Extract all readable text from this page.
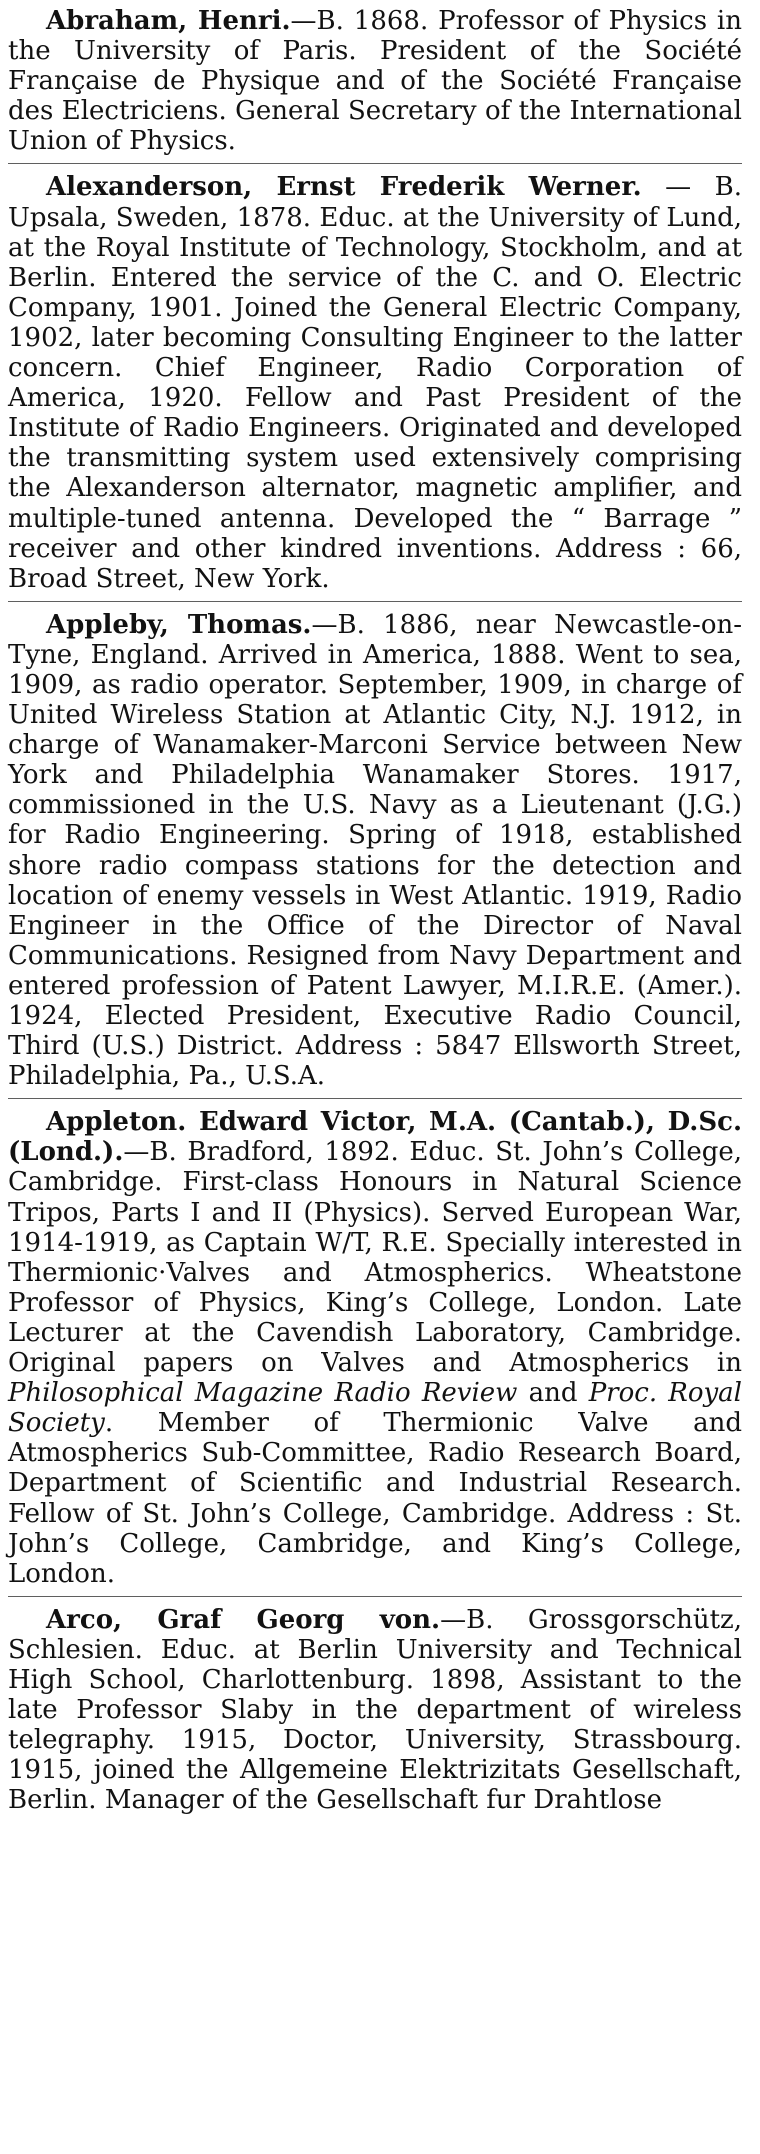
Abraham, Henri.—B. 1868. Professor of Physics in the University of Paris. President of the Société Française de Physique and of the Société Française des Electriciens. General Secretary of the International Union of Physics.

Alexanderson, Ernst Frederik Werner. — B. Upsala, Sweden, 1878. Educ. at the University of Lund, at the Royal Institute of Technology, Stockholm, and at Berlin. Entered the service of the C. and O. Electric Company, 1901. Joined the General Electric Company, 1902, later becoming Consulting Engineer to the latter concern. Chief Engineer, Radio Corporation of America, 1920. Fellow and Past President of the Institute of Radio Engineers. Originated and developed the transmitting system used extensively comprising the Alexanderson alternator, magnetic amplifier, and multiple-tuned antenna. Developed the “ Barrage ” receiver and other kindred inventions. Address : 66, Broad Street, New York.

Appleby, Thomas.—B. 1886, near Newcastle-on-Tyne, England. Arrived in America, 1888. Went to sea, 1909, as radio operator. September, 1909, in charge of United Wireless Station at Atlantic City, N.J. 1912, in charge of Wanamaker-Marconi Service between New York and Philadelphia Wanamaker Stores. 1917, commissioned in the U.S. Navy as a Lieutenant (J.G.) for Radio Engineering. Spring of 1918, established shore radio compass stations for the detection and location of enemy vessels in West Atlantic. 1919, Radio Engineer in the Office of the Director of Naval Communications. Resigned from Navy Department and entered profession of Patent Lawyer, M.I.R.E. (Amer.). 1924, Elected President, Executive Radio Council, Third (U.S.) District. Address : 5847 Ellsworth Street, Philadelphia, Pa., U.S.A.

Appleton. Edward Victor, M.A. (Cantab.), D.Sc. (Lond.).—B. Bradford, 1892. Educ. St. John’s College, Cambridge. First-class Honours in Natural Science Tripos, Parts I and II (Physics). Served European War, 1914-1919, as Captain W/T, R.E. Specially interested in Thermionic·Valves and Atmospherics. Wheatstone Professor of Physics, King’s College, London. Late Lecturer at the Cavendish Laboratory, Cambridge. Original papers on Valves and Atmospherics in Philosophical Magazine Radio Review and Proc. Royal Society. Member of Thermionic Valve and Atmospherics Sub-Committee, Radio Research Board, Department of Scientific and Industrial Research. Fellow of St. John’s College, Cambridge. Address : St. John’s College, Cambridge, and King’s College, London.

Arco, Graf Georg von.—B. Grossgorschütz, Schlesien. Educ. at Berlin University and Technical High School, Charlottenburg. 1898, Assistant to the late Professor Slaby in the department of wireless telegraphy. 1915, Doctor, University, Strassbourg. 1915, joined the Allgemeine Elektrizitats Gesellschaft, Berlin. Manager of the Gesellschaft fur Drahtlose
